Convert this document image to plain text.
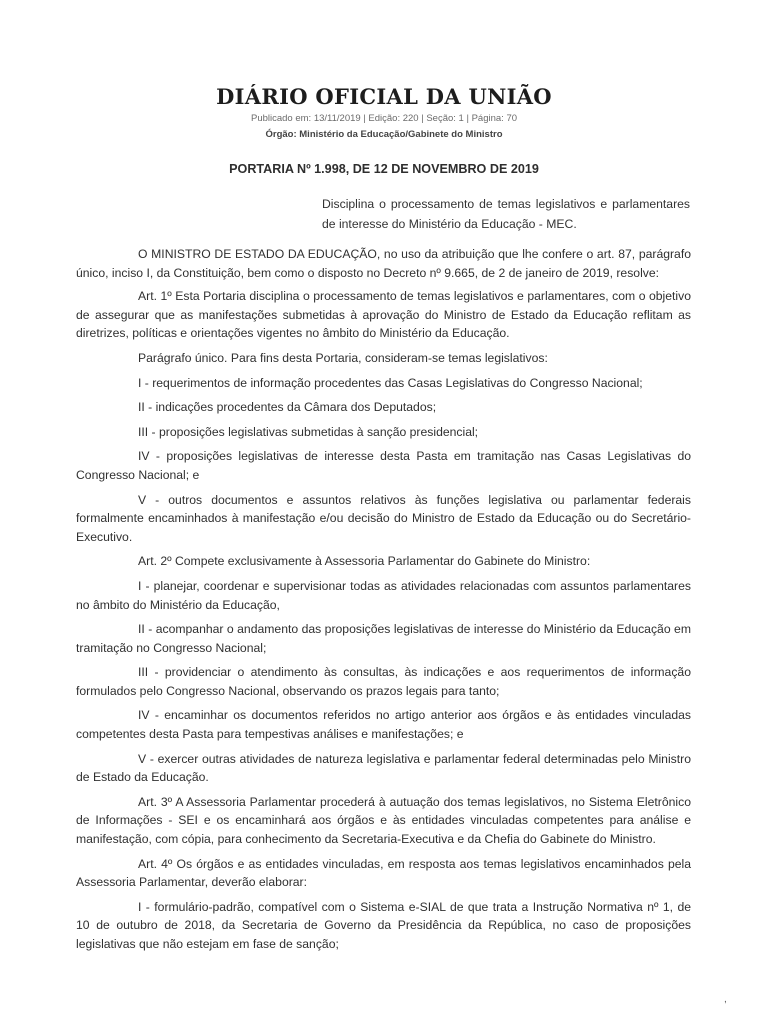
DIÁRIO OFICIAL DA UNIÃO
Publicado em: 13/11/2019 | Edição: 220 | Seção: 1 | Página: 70
Órgão: Ministério da Educação/Gabinete do Ministro
PORTARIA Nº 1.998, DE 12 DE NOVEMBRO DE 2019
Disciplina o processamento de temas legislativos e parlamentares de interesse do Ministério da Educação - MEC.

O MINISTRO DE ESTADO DA EDUCAÇÃO, no uso da atribuição que lhe confere o art. 87, parágrafo único, inciso I, da Constituição, bem como o disposto no Decreto nº 9.665, de 2 de janeiro de 2019, resolve:

Art. 1º Esta Portaria disciplina o processamento de temas legislativos e parlamentares, com o objetivo de assegurar que as manifestações submetidas à aprovação do Ministro de Estado da Educação reflitam as diretrizes, políticas e orientações vigentes no âmbito do Ministério da Educação.

Parágrafo único. Para fins desta Portaria, consideram-se temas legislativos:

I - requerimentos de informação procedentes das Casas Legislativas do Congresso Nacional;

II - indicações procedentes da Câmara dos Deputados;

III - proposições legislativas submetidas à sanção presidencial;

IV - proposições legislativas de interesse desta Pasta em tramitação nas Casas Legislativas do Congresso Nacional; e

V - outros documentos e assuntos relativos às funções legislativa ou parlamentar federais formalmente encaminhados à manifestação e/ou decisão do Ministro de Estado da Educação ou do Secretário-Executivo.

Art. 2º Compete exclusivamente à Assessoria Parlamentar do Gabinete do Ministro:

I - planejar, coordenar e supervisionar todas as atividades relacionadas com assuntos parlamentares no âmbito do Ministério da Educação,

II - acompanhar o andamento das proposições legislativas de interesse do Ministério da Educação em tramitação no Congresso Nacional;

III - providenciar o atendimento às consultas, às indicações e aos requerimentos de informação formulados pelo Congresso Nacional, observando os prazos legais para tanto;

IV - encaminhar os documentos referidos no artigo anterior aos órgãos e às entidades vinculadas competentes desta Pasta para tempestivas análises e manifestações; e

V - exercer outras atividades de natureza legislativa e parlamentar federal determinadas pelo Ministro de Estado da Educação.

Art. 3º A Assessoria Parlamentar procederá à autuação dos temas legislativos, no Sistema Eletrônico de Informações - SEI e os encaminhará aos órgãos e às entidades vinculadas competentes para análise e manifestação, com cópia, para conhecimento da Secretaria-Executiva e da Chefia do Gabinete do Ministro.

Art. 4º Os órgãos e as entidades vinculadas, em resposta aos temas legislativos encaminhados pela Assessoria Parlamentar, deverão elaborar:

I - formulário-padrão, compatível com o Sistema e-SIAL de que trata a Instrução Normativa nº 1, de 10 de outubro de 2018, da Secretaria de Governo da Presidência da República, no caso de proposições legislativas que não estejam em fase de sanção;

,
